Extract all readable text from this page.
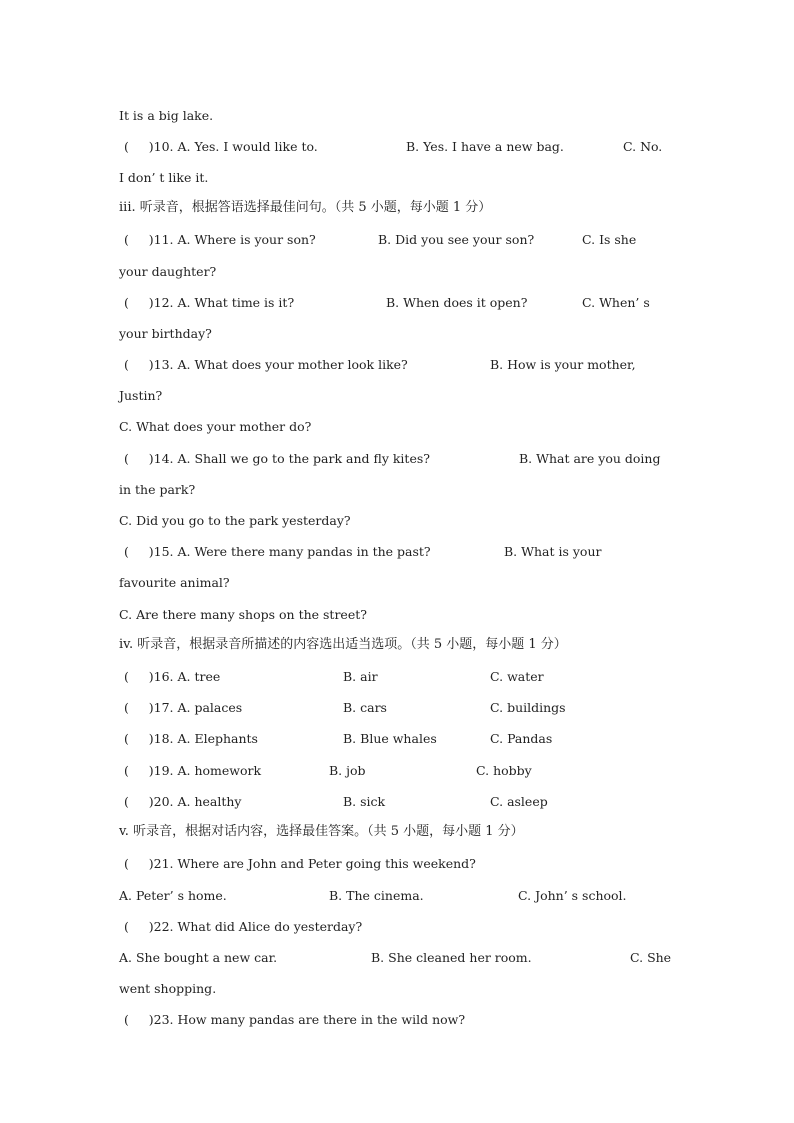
It is a big lake.
(     )10. A. Yes. I would like to.	B. Yes. I have a new bag.	C. No.
I don’ t like it.
iii. 听录音，根据答语选择最佳问句。（共 5 小题，每小题 1 分）
(     )11. A. Where is your son?	B. Did you see your son?	C. Is she
your daughter?
(     )12. A. What time is it?	B. When does it open?	C. When’ s
your birthday?
(     )13. A. What does your mother look like?	B. How is your mother,
Justin?
C. What does your mother do?
(     )14. A. Shall we go to the park and fly kites?	B. What are you doing
in the park?
C. Did you go to the park yesterday?
(     )15. A. Were there many pandas in the past?	B. What is your
favourite animal?
C. Are there many shops on the street?
iv. 听录音，根据录音所描述的内容选出适当选项。（共 5 小题，每小题 1 分）
(     )16. A. tree	B. air	C. water
(     )17. A. palaces	B. cars	C. buildings
(     )18. A. Elephants	B. Blue whales	C. Pandas
(     )19. A. homework	B. job	C. hobby
(     )20. A. healthy	B. sick	C. asleep
v. 听录音，根据对话内容，选择最佳答案。（共 5 小题，每小题 1 分）
(     )21. Where are John and Peter going this weekend?
A. Peter’ s home.	B. The cinema.	C. John’ s school.
(     )22. What did Alice do yesterday?
A. She bought a new car.	B. She cleaned her room.	C. She
went shopping.
(     )23. How many pandas are there in the wild now?
